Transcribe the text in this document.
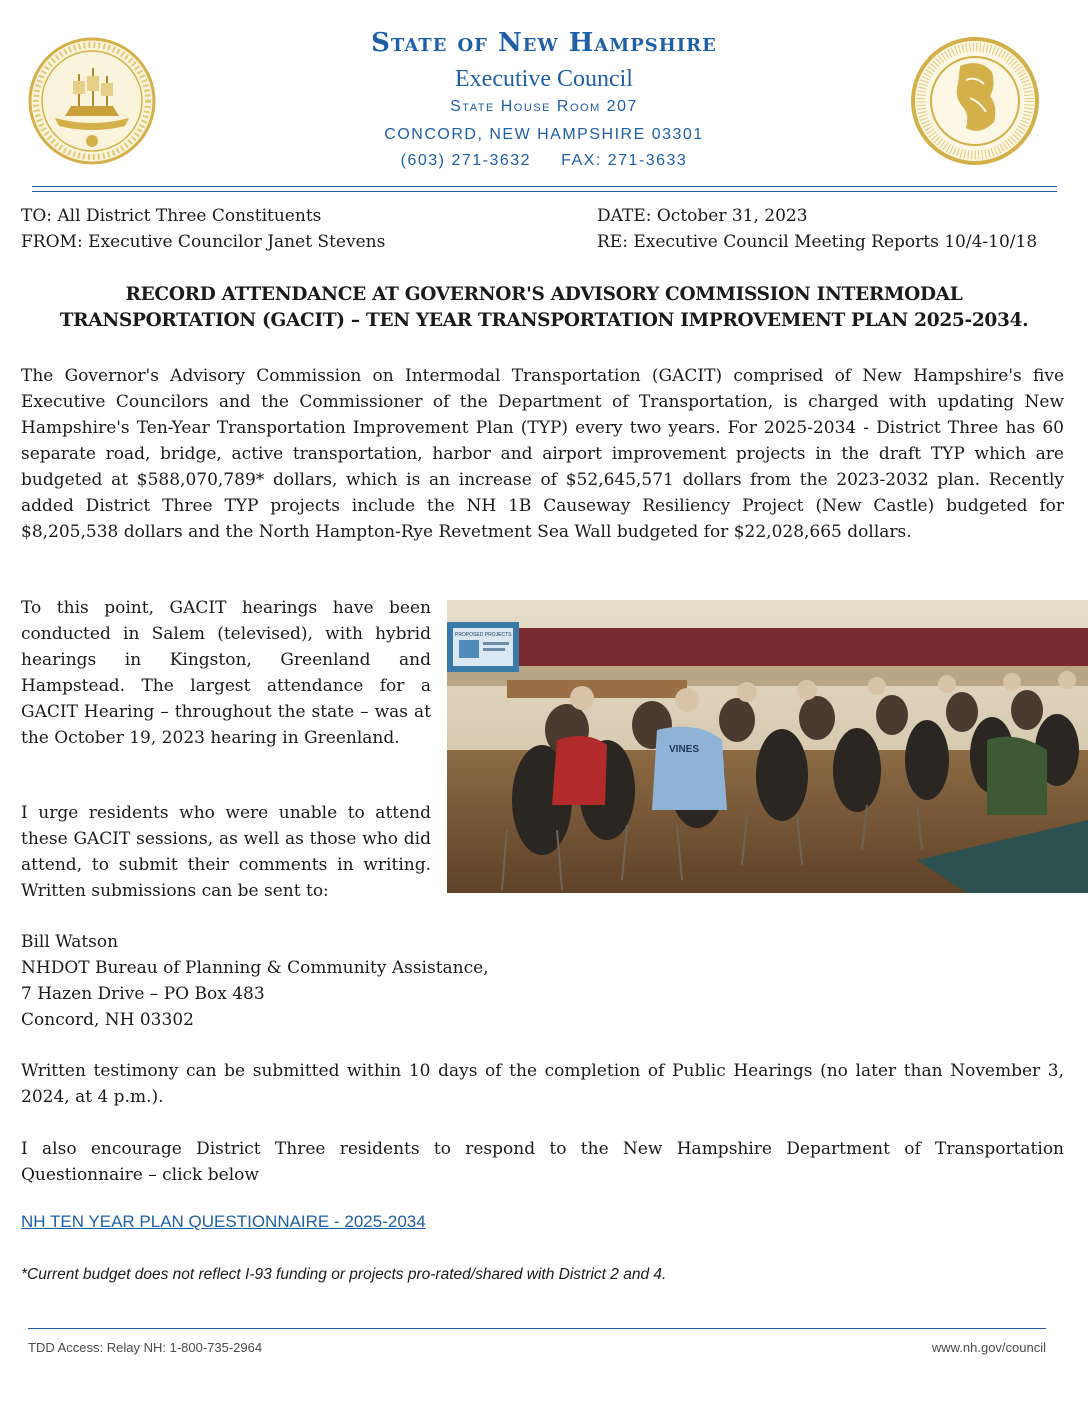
State of New Hampshire
Executive Council
State House Room 207
CONCORD, NEW HAMPSHIRE 03301
(603) 271-3632 FAX: 271-3633
TO: All District Three Constituents
FROM: Executive Councilor Janet Stevens
DATE: October 31, 2023
RE: Executive Council Meeting Reports 10/4-10/18
RECORD ATTENDANCE AT GOVERNOR'S ADVISORY COMMISSION INTERMODAL
TRANSPORTATION (GACIT) – TEN YEAR TRANSPORTATION IMPROVEMENT PLAN 2025-2034.

The Governor's Advisory Commission on Intermodal Transportation (GACIT) comprised of New Hampshire's five Executive Councilors and the Commissioner of the Department of Transportation, is charged with updating New Hampshire's Ten-Year Transportation Improvement Plan (TYP) every two years. For 2025-2034 - District Three has 60 separate road, bridge, active transportation, harbor and airport improvement projects in the draft TYP which are budgeted at $588,070,789* dollars, which is an increase of $52,645,571 dollars from the 2023-2032 plan. Recently added District Three TYP projects include the NH 1B Causeway Resiliency Project (New Castle) budgeted for $8,205,538 dollars and the North Hampton-Rye Revetment Sea Wall budgeted for $22,028,665 dollars.

To this point, GACIT hearings have been conducted in Salem (televised), with hybrid hearings in Kingston, Greenland and Hampstead. The largest attendance for a GACIT Hearing – throughout the state – was at the October 19, 2023 hearing in Greenland.

I urge residents who were unable to attend these GACIT sessions, as well as those who did attend, to submit their comments in writing. Written submissions can be sent to:

PROPOSED PROJECTS
VINES
Bill Watson
NHDOT Bureau of Planning & Community Assistance,
7 Hazen Drive – PO Box 483
Concord, NH 03302

Written testimony can be submitted within 10 days of the completion of Public Hearings (no later than November 3, 2024, at 4 p.m.).

I also encourage District Three residents to respond to the New Hampshire Department of Transportation Questionnaire – click below

NH TEN YEAR PLAN QUESTIONNAIRE - 2025-2034
*Current budget does not reflect I-93 funding or projects pro-rated/shared with District 2 and 4.
TDD Access: Relay NH: 1-800-735-2964	www.nh.gov/council
